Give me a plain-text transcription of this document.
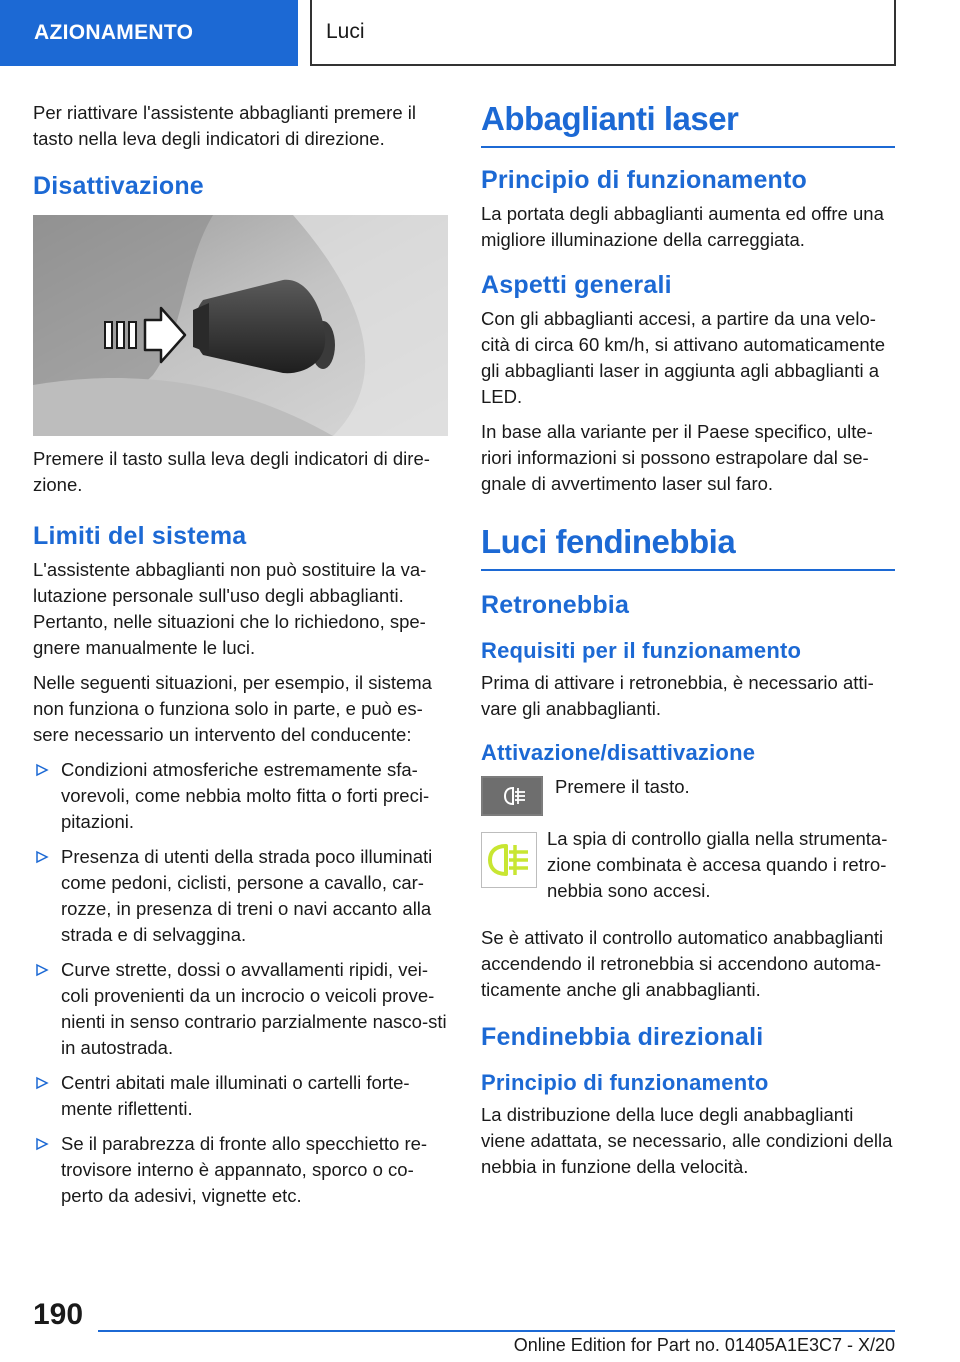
AZIONAMENTO	Luci

Per riattivare l'assistente abbaglianti premere il tasto nella leva degli indicatori di direzione.

Disattivazione

Premere il tasto sulla leva degli indicatori di dire‐zione.

Limiti del sistema

L'assistente abbaglianti non può sostituire la va‐lutazione personale sull'uso degli abbaglianti. Pertanto, nelle situazioni che lo richiedono, spe‐gnere manualmente le luci.

Nelle seguenti situazioni, per esempio, il sistema non funziona o funziona solo in parte, e può es‐sere necessario un intervento del conducente:

Condizioni atmosferiche estremamente sfa‐vorevoli, come nebbia molto fitta o forti preci‐pitazioni.
Presenza di utenti della strada poco illuminati come pedoni, ciclisti, persone a cavallo, car‐rozze, in presenza di treni o navi accanto alla strada e di selvaggina.
Curve strette, dossi o avvallamenti ripidi, vei‐coli provenienti da un incrocio o veicoli prove‐nienti in senso contrario parzialmente nasco‐sti in autostrada.
Centri abitati male illuminati o cartelli forte‐mente riflettenti.
Se il parabrezza di fronte allo specchietto re‐trovisore interno è appannato, sporco o co‐perto da adesivi, vignette etc.
Abbaglianti laser
Principio di funzionamento

La portata degli abbaglianti aumenta ed offre una migliore illuminazione della carreggiata.

Aspetti generali

Con gli abbaglianti accesi, a partire da una velo‐cità di circa 60 km/h, si attivano automaticamente gli abbaglianti laser in aggiunta agli abbaglianti a LED.

In base alla variante per il Paese specifico, ulte‐riori informazioni si possono estrapolare dal se‐gnale di avvertimento laser sul faro.

Luci fendinebbia
Retronebbia
Requisiti per il funzionamento

Prima di attivare i retronebbia, è necessario atti‐vare gli anabbaglianti.

Attivazione/disattivazione

Premere il tasto.

La spia di controllo gialla nella strumenta‐zione combinata è accesa quando i retro‐nebbia sono accesi.

Se è attivato il controllo automatico anabbaglianti accendendo il retronebbia si accendono automa‐ticamente anche gli anabbaglianti.

Fendinebbia direzionali
Principio di funzionamento

La distribuzione della luce degli anabbaglianti viene adattata, se necessario, alle condizioni della nebbia in funzione della velocità.

190
Online Edition for Part no. 01405A1E3C7 - X/20
